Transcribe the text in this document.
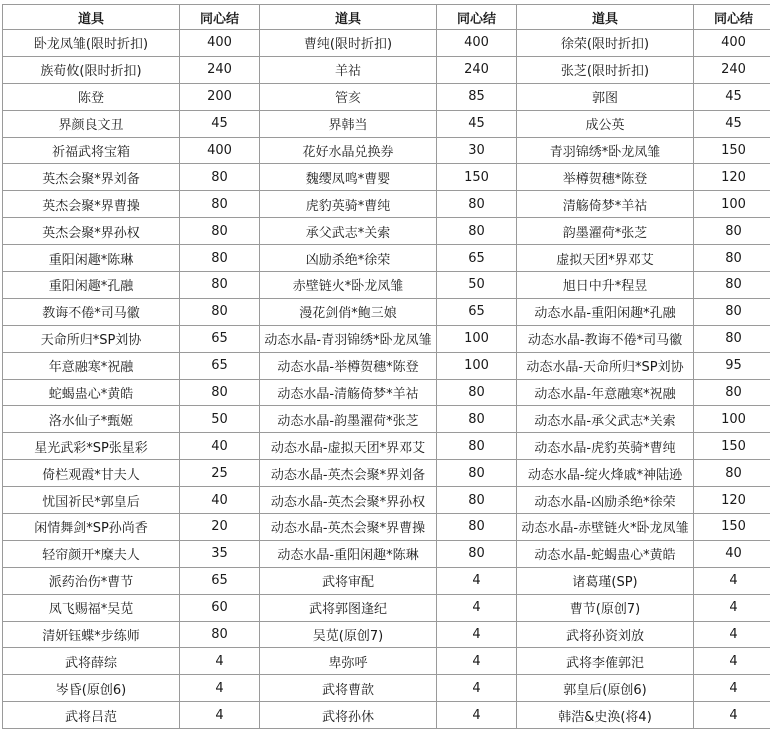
道具	同心结	道具	同心结	道具	同心结
卧龙凤雏(限时折扣)	400	曹纯(限时折扣)	400	徐荣(限时折扣)	400
族荀攸(限时折扣)	240	羊祜	240	张芝(限时折扣)	240
陈登	200	管亥	85	郭图	45
界颜良文丑	45	界韩当	45	成公英	45
祈福武将宝箱	400	花好水晶兑换券	30	青羽锦绣*卧龙凤雏	150
英杰会聚*界刘备	80	魏缨凤鸣*曹婴	150	举樽贺穗*陈登	120
英杰会聚*界曹操	80	虎豹英骑*曹纯	80	清觞倚梦*羊祜	100
英杰会聚*界孙权	80	承父武志*关索	80	韵墨濯荷*张芝	80
重阳闲趣*陈琳	80	凶励杀绝*徐荣	65	虚拟天团*界邓艾	80
重阳闲趣*孔融	80	赤壁链火*卧龙凤雏	50	旭日中升*程昱	80
教诲不倦*司马徽	80	漫花剑俏*鲍三娘	65	动态水晶-重阳闲趣*孔融	80
天命所归*SP刘协	65	动态水晶-青羽锦绣*卧龙凤雏	100	动态水晶-教诲不倦*司马徽	80
年意融寒*祝融	65	动态水晶-举樽贺穗*陈登	100	动态水晶-天命所归*SP刘协	95
蛇蝎蛊心*黄皓	80	动态水晶-清觞倚梦*羊祜	80	动态水晶-年意融寒*祝融	80
洛水仙子*甄姬	50	动态水晶-韵墨濯荷*张芝	80	动态水晶-承父武志*关索	100
星光武彩*SP张星彩	40	动态水晶-虚拟天团*界邓艾	80	动态水晶-虎豹英骑*曹纯	150
倚栏观霞*甘夫人	25	动态水晶-英杰会聚*界刘备	80	动态水晶-绽火烽戚*神陆逊	80
忧国祈民*郭皇后	40	动态水晶-英杰会聚*界孙权	80	动态水晶-凶励杀绝*徐荣	120
闲情舞剑*SP孙尚香	20	动态水晶-英杰会聚*界曹操	80	动态水晶-赤壁链火*卧龙凤雏	150
轻帘颜开*糜夫人	35	动态水晶-重阳闲趣*陈琳	80	动态水晶-蛇蝎蛊心*黄皓	40
派药治伤*曹节	65	武将审配	4	诸葛瑾(SP)	4
凤飞赐福*吴苋	60	武将郭图逢纪	4	曹节(原创7)	4
清妍钰蝶*步练师	80	吴苋(原创7)	4	武将孙资刘放	4
武将薛综	4	卑弥呼	4	武将李傕郭汜	4
岑昏(原创6)	4	武将曹歆	4	郭皇后(原创6)	4
武将吕范	4	武将孙休	4	韩浩&史涣(将4)	4
